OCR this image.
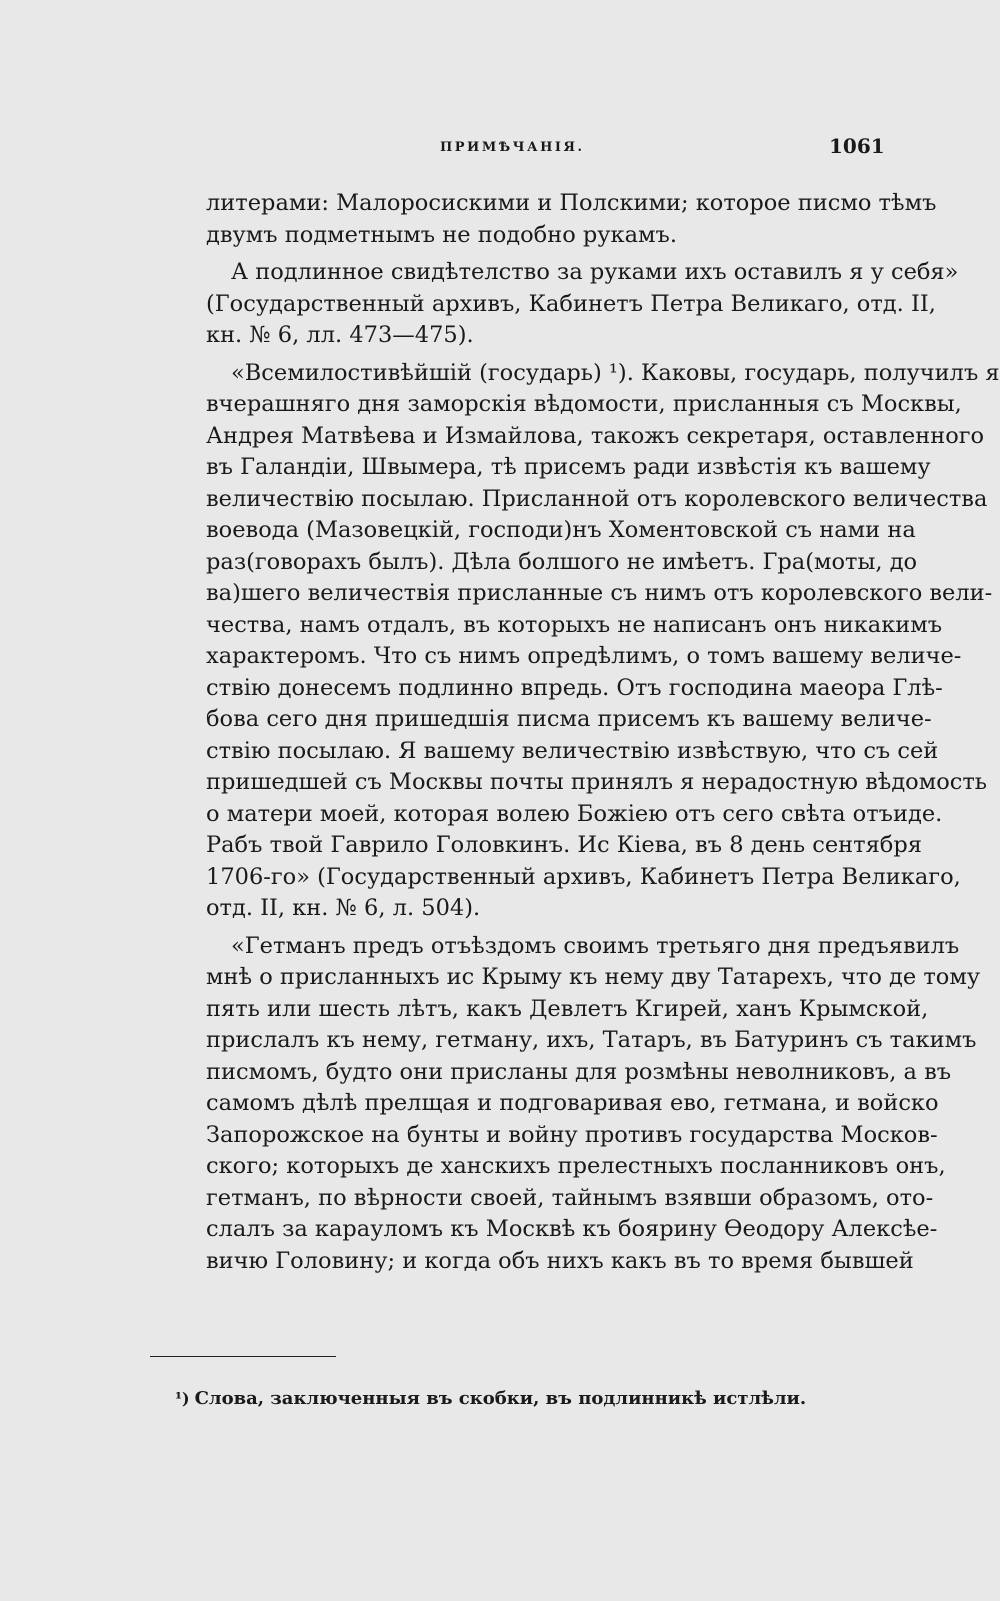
ПРИМѢЧАНІЯ.	1061
литерами: Малоросискими и Полскими; которое писмо тѣмъ
двумъ подметнымъ не подобно рукамъ.
А подлинное свидѣтелство за руками ихъ оставилъ я у себя»
(Государственный архивъ, Кабинетъ Петра Великаго, отд. II,
кн. № 6, лл. 473—475).
«Всемилостивѣйшій (государь) ¹). Каковы, государь, получилъ я
вчерашняго дня заморскія вѣдомости, присланныя съ Москвы,
Андрея Матвѣева и Измайлова, такожъ секретаря, оставленного
въ Галандіи, Швымера, тѣ присемъ ради извѣстія къ вашему
величествію посылаю. Присланной отъ королевского величества
воевода (Мазовецкій, господи)нъ Хоментовской съ нами на
раз(говорахъ былъ). Дѣла болшого не имѣетъ. Гра(моты, до
ва)шего величествія присланные съ нимъ отъ королевского вели-
чества, намъ отдалъ, въ которыхъ не написанъ онъ никакимъ
характеромъ. Что съ нимъ опредѣлимъ, о томъ вашему величе-
ствію донесемъ подлинно впредь. Отъ господина маеора Глѣ-
бова сего дня пришедшія писма присемъ къ вашему величе-
ствію посылаю. Я вашему величествію извѣствую, что съ сей
пришедшей съ Москвы почты принялъ я нерадостную вѣдомость
о матери моей, которая волею Божіею отъ сего свѣта отъиде.
Рабъ твой Гаврило Головкинъ. Ис Кіева, въ 8 день сентября
1706-го» (Государственный архивъ, Кабинетъ Петра Великаго,
отд. II, кн. № 6, л. 504).
«Гетманъ предъ отъѣздомъ своимъ третьяго дня предъявилъ
мнѣ о присланныхъ ис Крыму къ нему дву Татарехъ, что де тому
пять или шесть лѣтъ, какъ Девлетъ Кгирей, ханъ Крымской,
прислалъ къ нему, гетману, ихъ, Татаръ, въ Батуринъ съ такимъ
писмомъ, будто они присланы для розмѣны неволниковъ, а въ
самомъ дѣлѣ прелщая и подговаривая ево, гетмана, и войско
Запорожское на бунты и войну противъ государства Москов-
ского; которыхъ де ханскихъ прелестныхъ посланниковъ онъ,
гетманъ, по вѣрности своей, тайнымъ взявши образомъ, ото-
слалъ за карауломъ къ Москвѣ къ боярину Ѳеодору Алексѣе-
вичю Головину; и когда объ нихъ какъ въ то время бывшей
¹) Слова, заключенныя въ скобки, въ подлинникѣ истлѣли.
